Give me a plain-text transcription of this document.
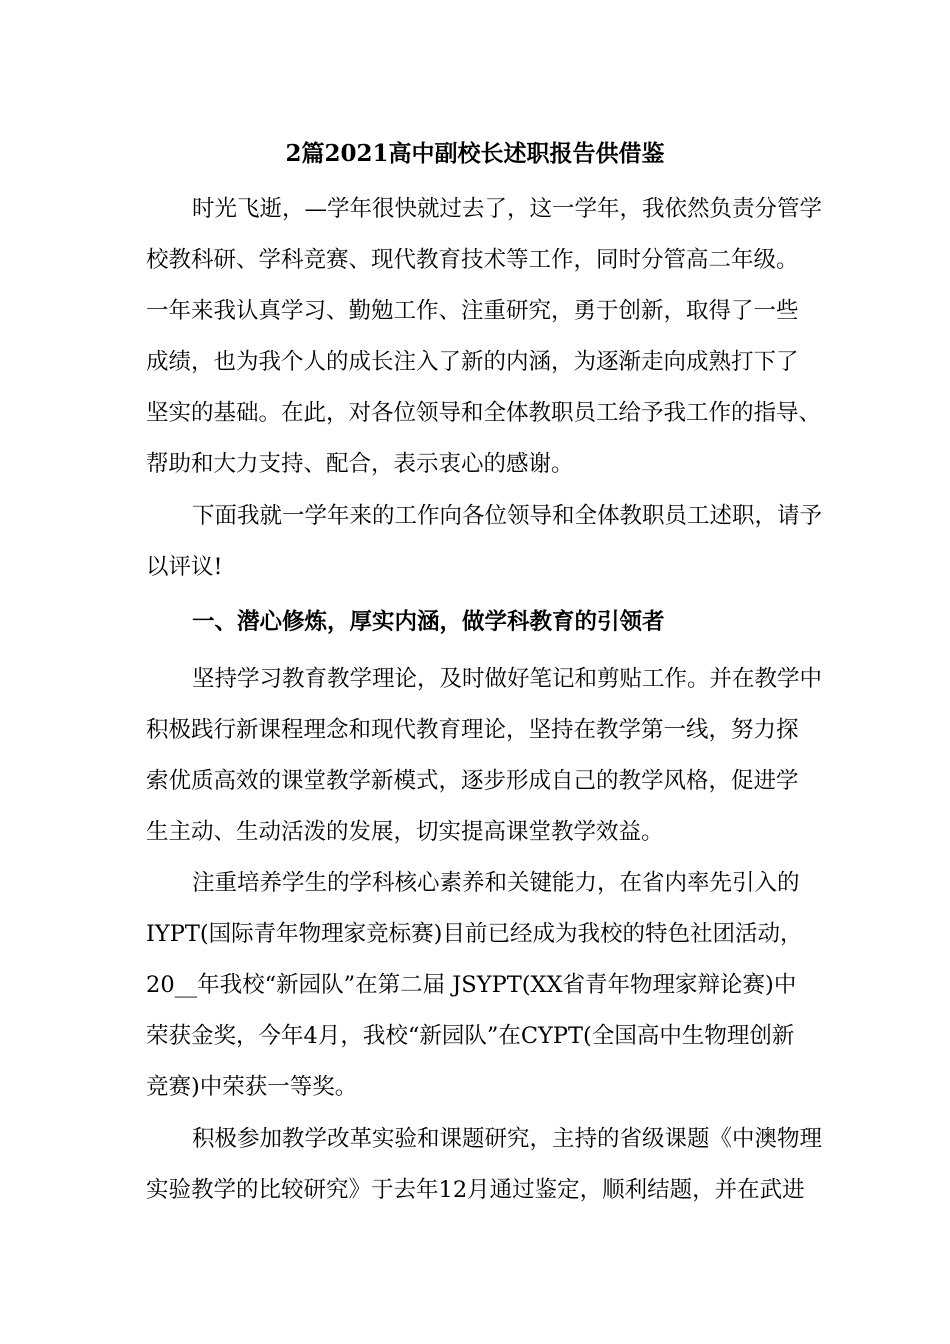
2篇2021高中副校长述职报告供借鉴
时光飞逝，—学年很快就过去了，这一学年，我依然负责分管学
校教科研、学科竞赛、现代教育技术等工作，同时分管高二年级。
一年来我认真学习、勤勉工作、注重研究，勇于创新，取得了一些
成绩，也为我个人的成长注入了新的内涵，为逐渐走向成熟打下了
坚实的基础。在此，对各位领导和全体教职员工给予我工作的指导、
帮助和大力支持、配合，表示衷心的感谢。
下面我就一学年来的工作向各位领导和全体教职员工述职，请予
以评议!
一、潜心修炼，厚实内涵，做学科教育的引领者
坚持学习教育教学理论，及时做好笔记和剪贴工作。并在教学中
积极践行新课程理念和现代教育理论，坚持在教学第一线，努力探
索优质高效的课堂教学新模式，逐步形成自己的教学风格，促进学
生主动、生动活泼的发展，切实提高课堂教学效益。
注重培养学生的学科核心素养和关键能力，在省内率先引入的
IYPT(国际青年物理家竞标赛)目前已经成为我校的特色社团活动，
20__年我校“新园队”在第二届 JSYPT(XX省青年物理家辩论赛)中
荣获金奖，今年4月，我校“新园队”在CYPT(全国高中生物理创新
竞赛)中荣获一等奖。
积极参加教学改革实验和课题研究，主持的省级课题《中澳物理
实验教学的比较研究》于去年12月通过鉴定，顺利结题，并在武进
